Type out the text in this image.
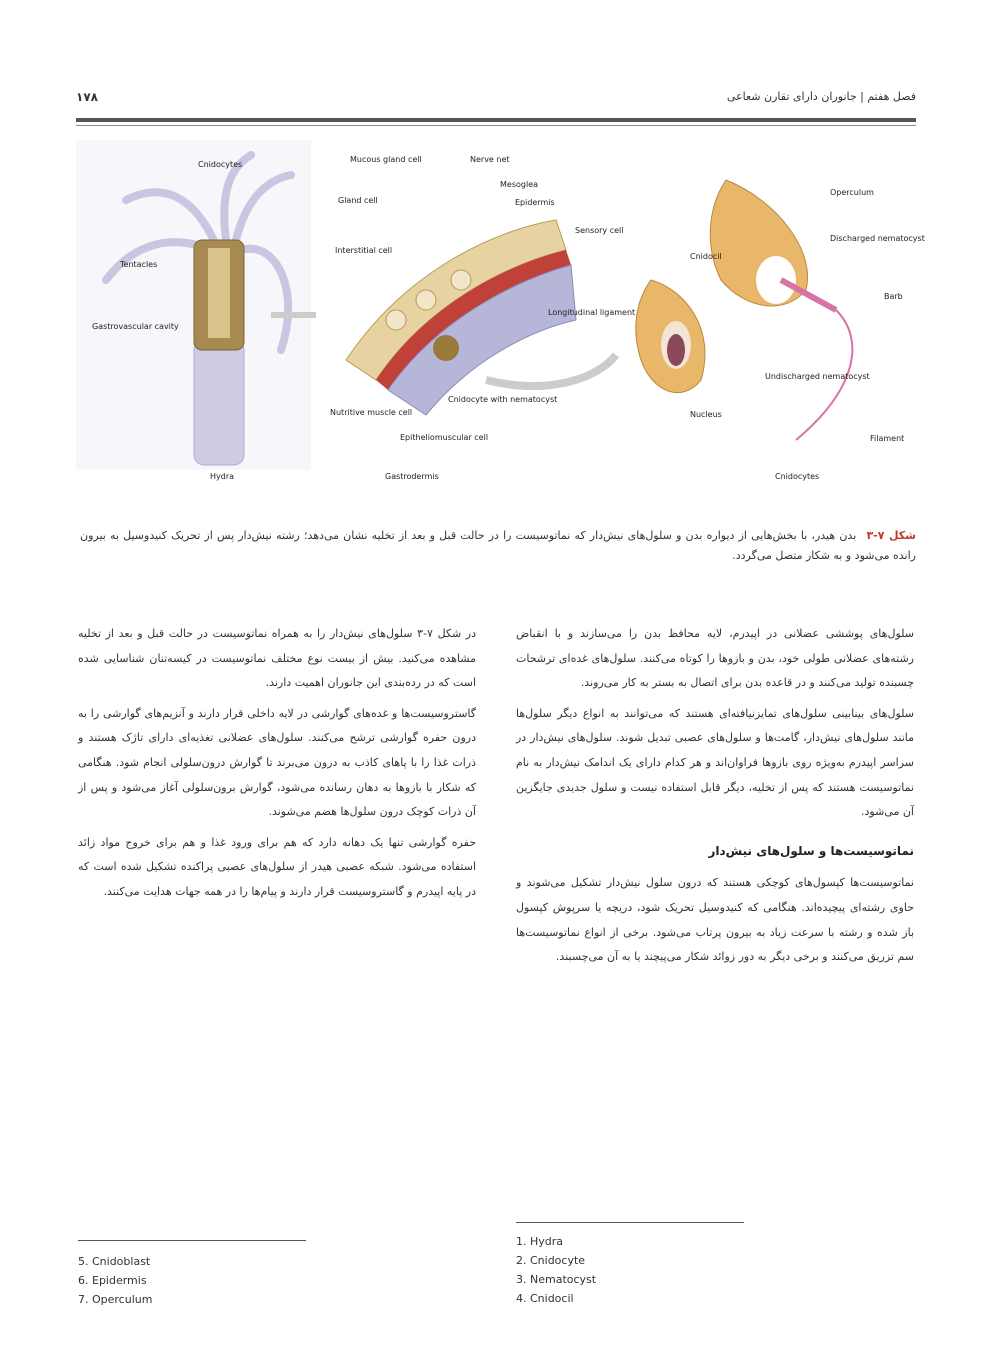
۱۷۸	فصل هفتم | جانوران دارای تقارن شعاعی
Hydra	Gastrodermis	Cnidocytes
Tentacles
Cnidocytes
Gastrovascular cavity
Mucous gland cell	Nerve net
Mesoglea
Epidermis
Sensory cell
Gland cell
Interstitial cell
Nutritive muscle cell
Epitheliomuscular cell
Cnidocyte with nematocyst
Longitudinal ligament
Operculum
Cnidocil
Discharged nematocyst
Barb
Nucleus
Undischarged nematocyst
Filament
شکل ۷-۳ بدن هیدر، با بخش‌هایی از دیواره بدن و سلول‌های نیش‌دار که نماتوسیست را در حالت قبل و بعد از تخلیه نشان می‌دهد؛ رشته نیش‌دار پس از تحریک کنیدوسیل به بیرون رانده می‌شود و به شکار متصل می‌گردد.

سلول‌های پوششی عضلانی در اپیدرم، لایه محافظ بدن را می‌سازند و با انقباض رشته‌های عضلانی طولی خود، بدن و بازوها را کوتاه می‌کنند. سلول‌های غده‌ای ترشحات چسبنده تولید می‌کنند و در قاعده بدن برای اتصال به بستر به کار می‌روند.

سلول‌های بینابینی سلول‌های تمایزنیافته‌ای هستند که می‌توانند به انواع دیگر سلول‌ها مانند سلول‌های نیش‌دار، گامت‌ها و سلول‌های عصبی تبدیل شوند. سلول‌های نیش‌دار در سراسر اپیدرم به‌ویژه روی بازوها فراوان‌اند و هر کدام دارای یک اندامک نیش‌دار به نام نماتوسیست هستند که پس از تخلیه، دیگر قابل استفاده نیست و سلول جدیدی جایگزین آن می‌شود.

نماتوسیست‌ها و سلول‌های نیش‌دار

نماتوسیست‌ها کپسول‌های کوچکی هستند که درون سلول نیش‌دار تشکیل می‌شوند و حاوی رشته‌ای پیچیده‌اند. هنگامی که کنیدوسیل تحریک شود، دریچه یا سرپوش کپسول باز شده و رشته با سرعت زیاد به بیرون پرتاب می‌شود. برخی از انواع نماتوسیست‌ها سم تزریق می‌کنند و برخی دیگر به دور زوائد شکار می‌پیچند یا به آن می‌چسبند.

در شکل ۷-۳ سلول‌های نیش‌دار را به همراه نماتوسیست در حالت قبل و بعد از تخلیه مشاهده می‌کنید. بیش از بیست نوع مختلف نماتوسیست در کیسه‌تنان شناسایی شده است که در رده‌بندی این جانوران اهمیت دارند.

گاستروسیست‌ها و غده‌های گوارشی در لایه داخلی قرار دارند و آنزیم‌های گوارشی را به درون حفره گوارشی ترشح می‌کنند. سلول‌های عضلانی تغذیه‌ای دارای تاژک هستند و ذرات غذا را با پاهای کاذب به درون می‌برند تا گوارش درون‌سلولی انجام شود. هنگامی که شکار با بازوها به دهان رسانده می‌شود، گوارش برون‌سلولی آغاز می‌شود و پس از آن ذرات کوچک درون سلول‌ها هضم می‌شوند.

حفره گوارشی تنها یک دهانه دارد که هم برای ورود غذا و هم برای خروج مواد زائد استفاده می‌شود. شبکه عصبی هیدر از سلول‌های عصبی پراکنده تشکیل شده است که در پایه اپیدرم و گاستروسیست قرار دارند و پیام‌ها را در همه جهات هدایت می‌کنند.

1. Hydra
2. Cnidocyte
3. Nematocyst
4. Cnidocil
5. Cnidoblast
6. Epidermis
7. Operculum
